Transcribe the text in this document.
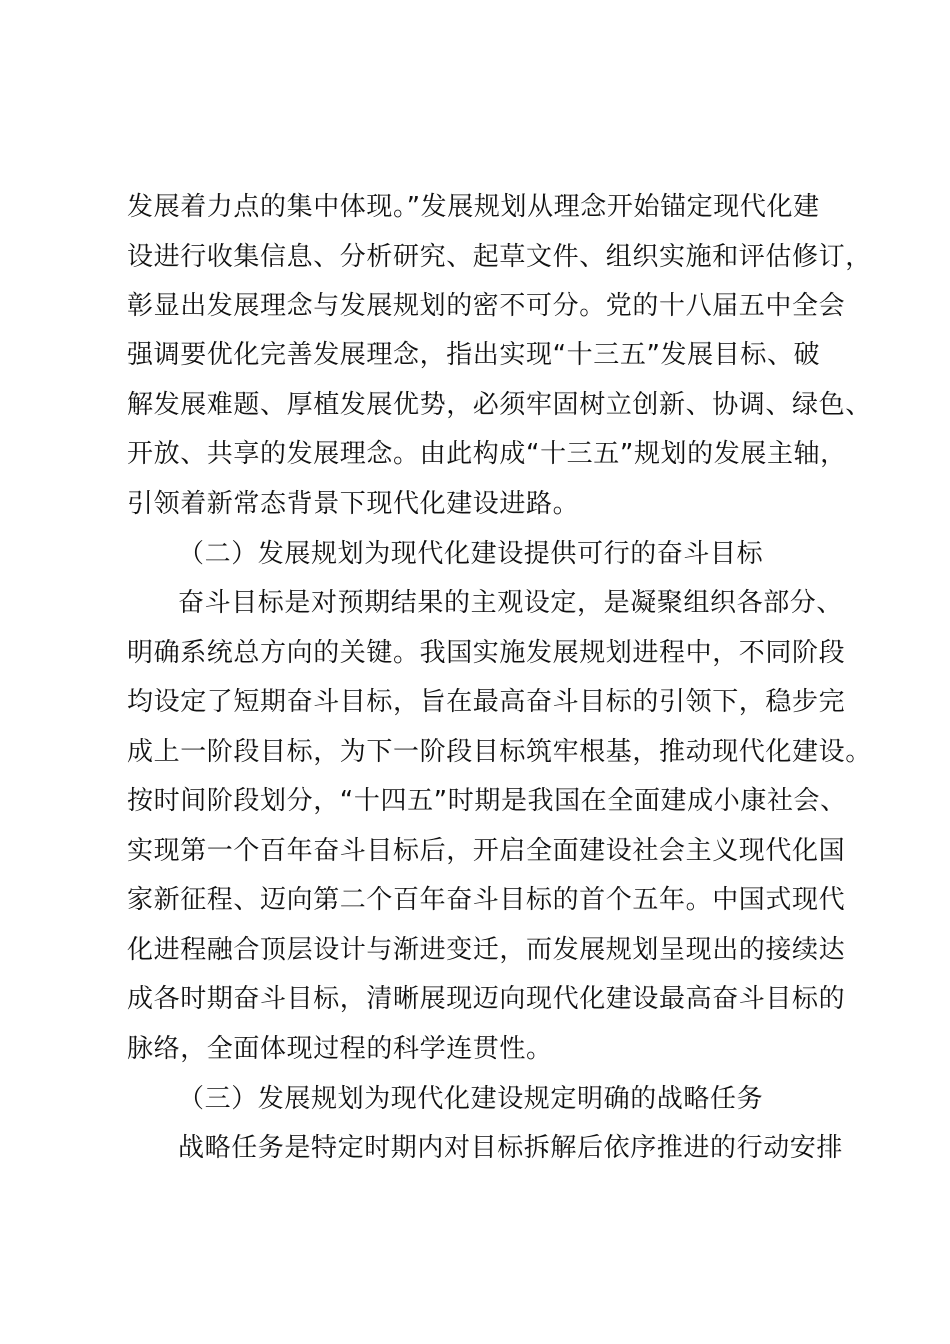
发展着力点的集中体现。”发展规划从理念开始锚定现代化建
设进行收集信息、分析研究、起草文件、组织实施和评估修订，
彰显出发展理念与发展规划的密不可分。党的十八届五中全会
强调要优化完善发展理念，指出实现“十三五”发展目标、破
解发展难题、厚植发展优势，必须牢固树立创新、协调、绿色、
开放、共享的发展理念。由此构成“十三五”规划的发展主轴，
引领着新常态背景下现代化建设进路。
（二）发展规划为现代化建设提供可行的奋斗目标
奋斗目标是对预期结果的主观设定，是凝聚组织各部分、
明确系统总方向的关键。我国实施发展规划进程中，不同阶段
均设定了短期奋斗目标，旨在最高奋斗目标的引领下，稳步完
成上一阶段目标，为下一阶段目标筑牢根基，推动现代化建设。
按时间阶段划分，“十四五”时期是我国在全面建成小康社会、
实现第一个百年奋斗目标后，开启全面建设社会主义现代化国
家新征程、迈向第二个百年奋斗目标的首个五年。中国式现代
化进程融合顶层设计与渐进变迁，而发展规划呈现出的接续达
成各时期奋斗目标，清晰展现迈向现代化建设最高奋斗目标的
脉络，全面体现过程的科学连贯性。
（三）发展规划为现代化建设规定明确的战略任务
战略任务是特定时期内对目标拆解后依序推进的行动安排
